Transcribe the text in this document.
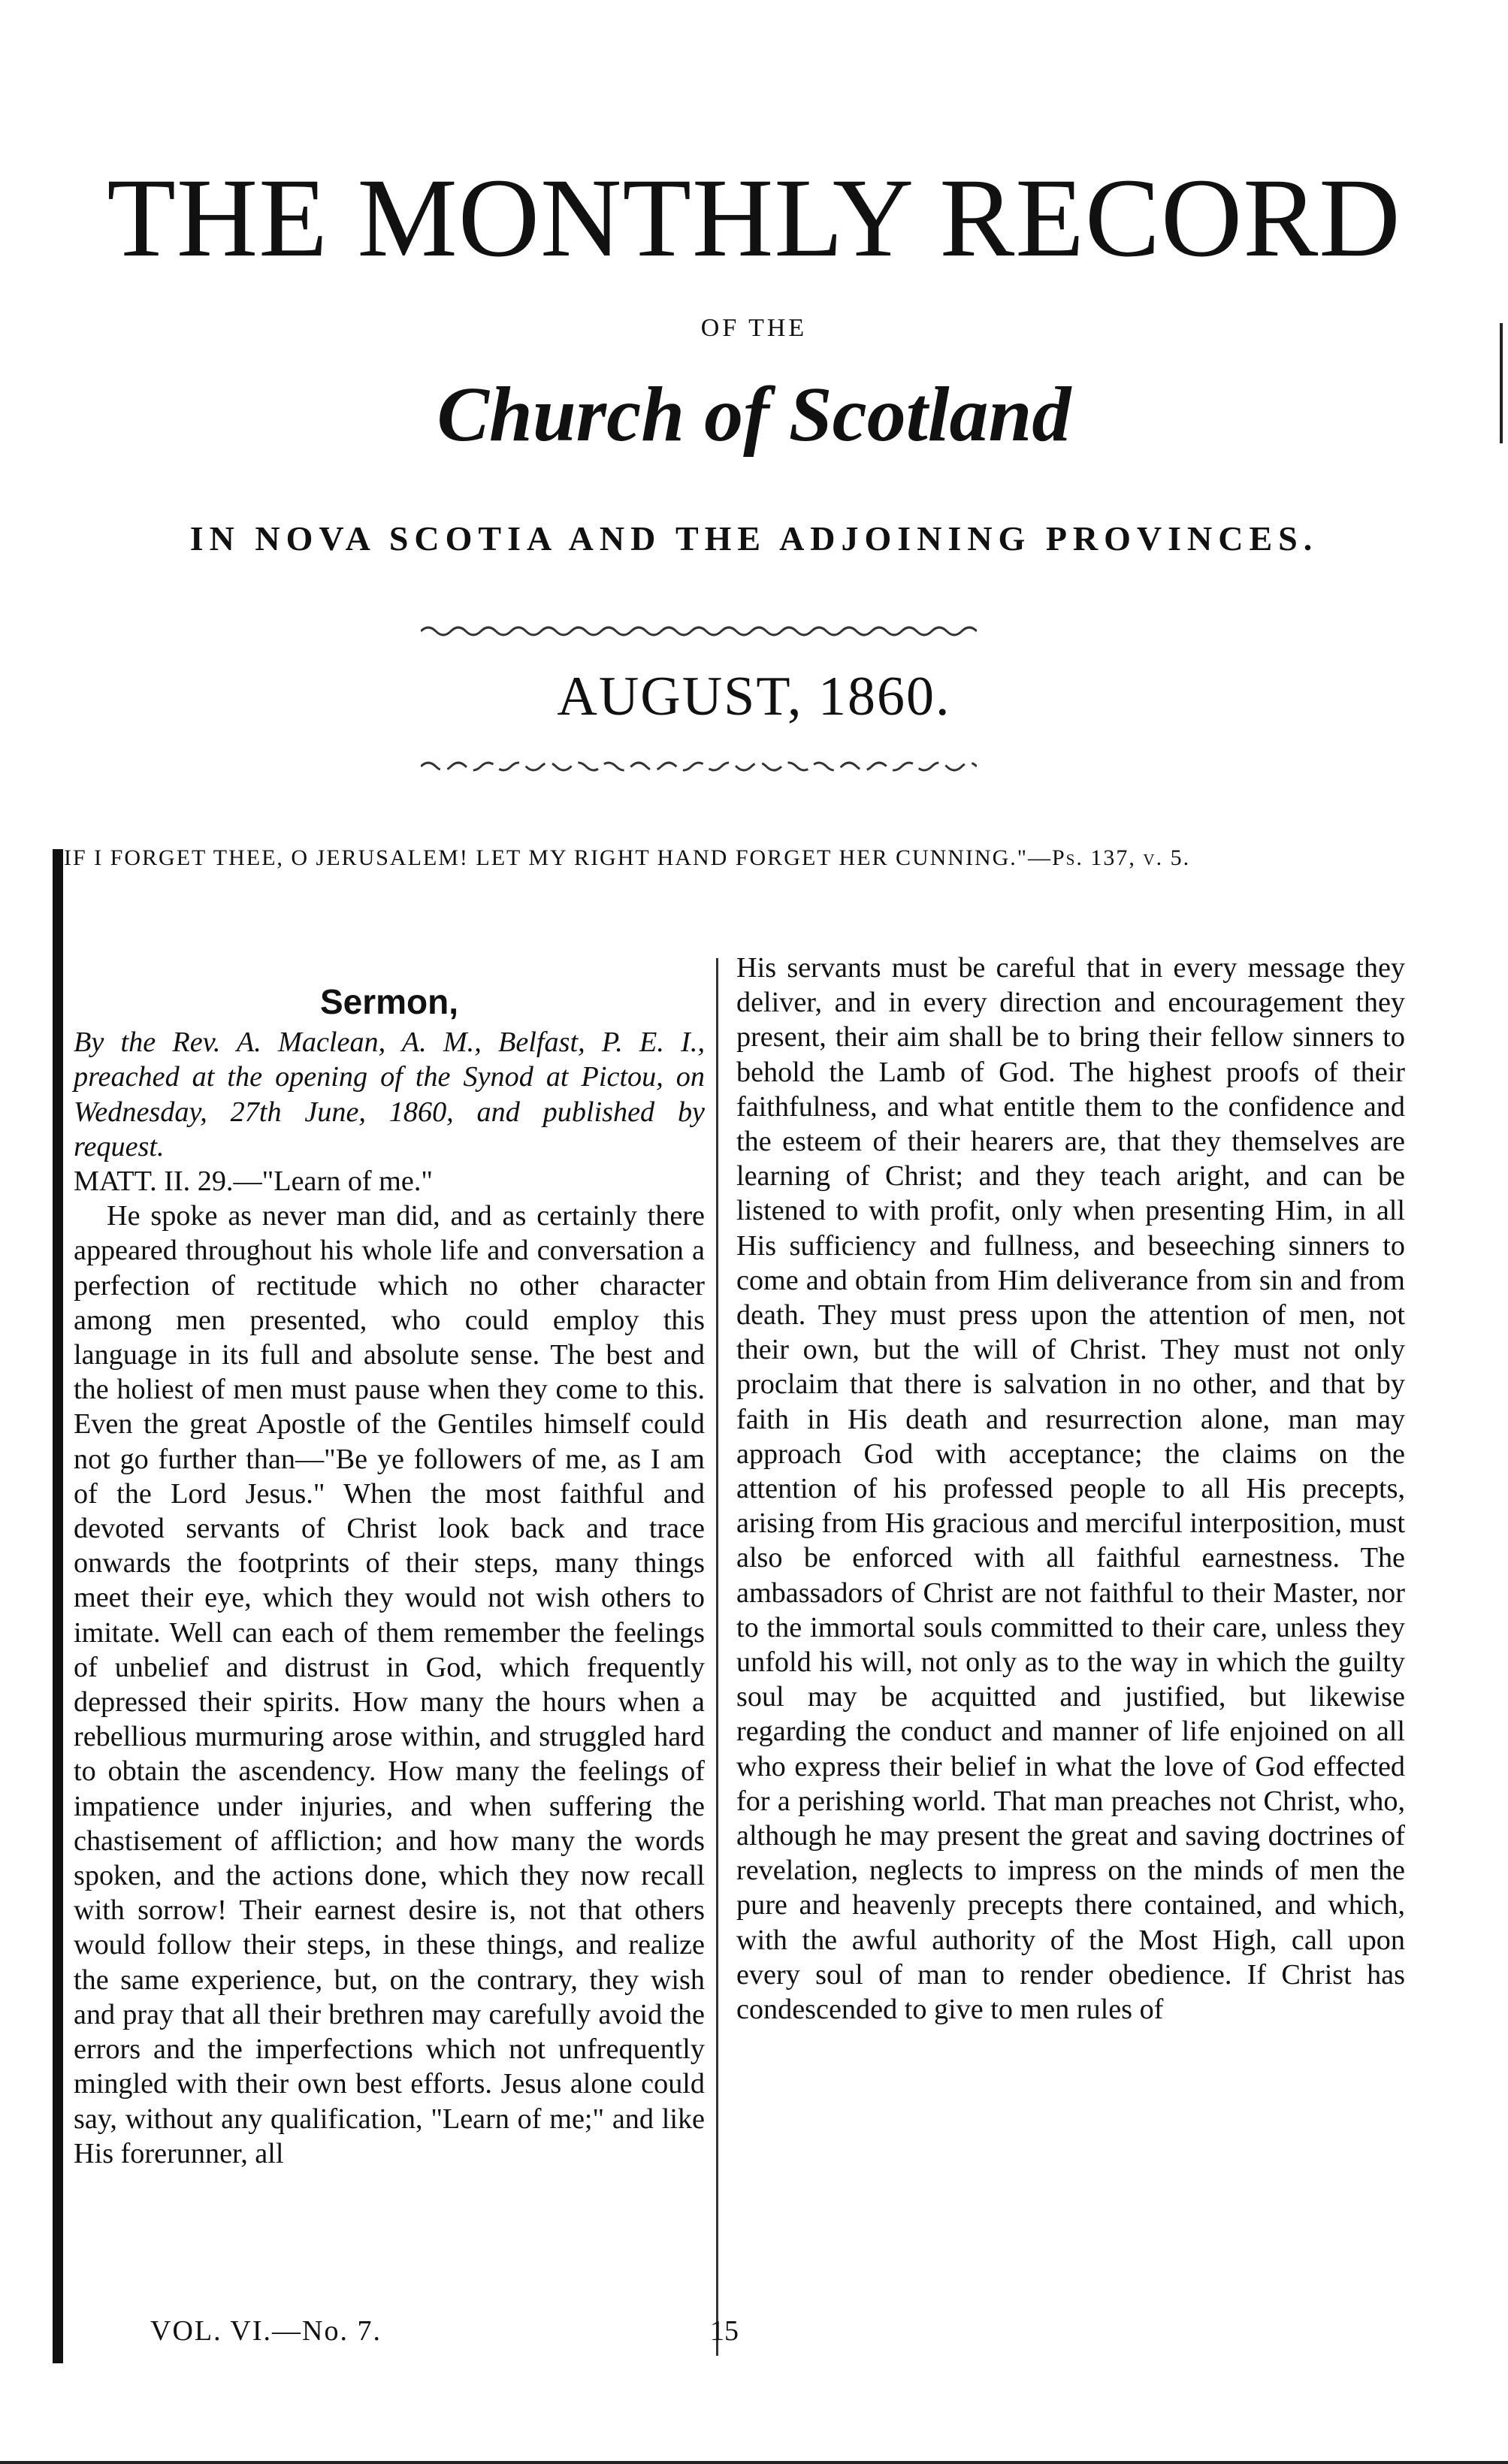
THE MONTHLY RECORD
OF THE
Church of Scotland
IN NOVA SCOTIA AND THE ADJOINING PROVINCES.
AUGUST, 1860.
IF I FORGET THEE, O JERUSALEM! LET MY RIGHT HAND FORGET HER CUNNING."—Ps. 137, v. 5.

Sermon,

By the Rev. A. Maclean, A. M., Belfast, P. E. I., preached at the opening of the Synod at Pictou, on Wednesday, 27th June, 1860, and published by request.

MATT. II. 29.—"Learn of me."

He spoke as never man did, and as certainly there appeared throughout his whole life and conversation a perfection of rectitude which no other character among men presented, who could employ this language in its full and absolute sense. The best and the holiest of men must pause when they come to this. Even the great Apostle of the Gentiles himself could not go further than—"Be ye followers of me, as I am of the Lord Jesus." When the most faithful and devoted servants of Christ look back and trace onwards the footprints of their steps, many things meet their eye, which they would not wish others to imitate. Well can each of them remember the feelings of unbelief and distrust in God, which frequently depressed their spirits. How many the hours when a rebellious murmuring arose within, and struggled hard to obtain the ascendency. How many the feelings of impatience under injuries, and when suffering the chastisement of affliction; and how many the words spoken, and the actions done, which they now recall with sorrow! Their earnest desire is, not that others would follow their steps, in these things, and realize the same experience, but, on the contrary, they wish and pray that all their brethren may carefully avoid the errors and the imperfections which not unfrequently mingled with their own best efforts. Jesus alone could say, without any qualification, "Learn of me;" and like His forerunner, all

His servants must be careful that in every message they deliver, and in every direction and encouragement they present, their aim shall be to bring their fellow sinners to behold the Lamb of God. The highest proofs of their faithfulness, and what entitle them to the confidence and the esteem of their hearers are, that they themselves are learning of Christ; and they teach aright, and can be listened to with profit, only when presenting Him, in all His sufficiency and fullness, and beseeching sinners to come and obtain from Him deliverance from sin and from death. They must press upon the attention of men, not their own, but the will of Christ. They must not only proclaim that there is salvation in no other, and that by faith in His death and resurrection alone, man may approach God with acceptance; the claims on the attention of his professed people to all His precepts, arising from His gracious and merciful interposition, must also be enforced with all faithful earnestness. The ambassadors of Christ are not faithful to their Master, nor to the immortal souls committed to their care, unless they unfold his will, not only as to the way in which the guilty soul may be acquitted and justified, but likewise regarding the conduct and manner of life enjoined on all who express their belief in what the love of God effected for a perishing world. That man preaches not Christ, who, although he may present the great and saving doctrines of revelation, neglects to impress on the minds of men the pure and heavenly precepts there contained, and which, with the awful authority of the Most High, call upon every soul of man to render obedience. If Christ has condescended to give to men rules of

VOL. VI.—No. 7.	15
